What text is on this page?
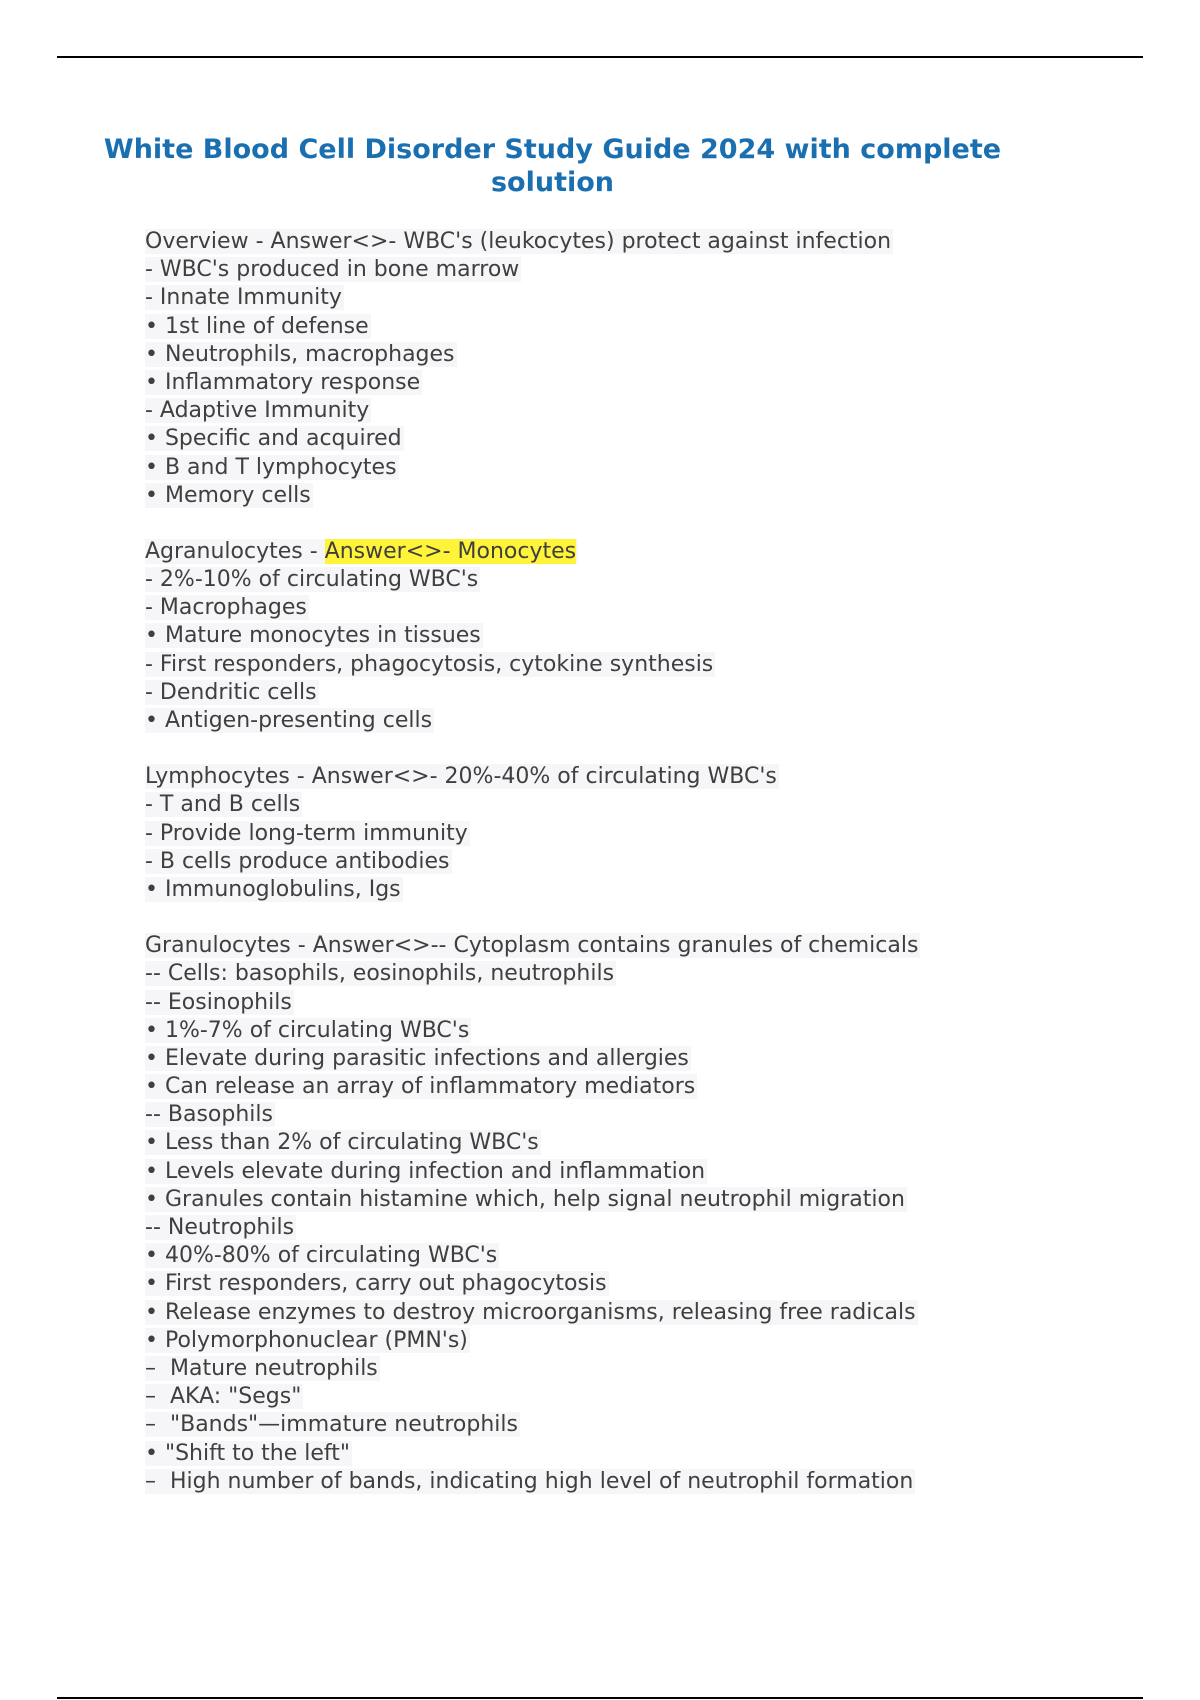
White Blood Cell Disorder Study Guide 2024 with complete
solution
Overview - Answer<>- WBC's (leukocytes) protect against infection
- WBC's produced in bone marrow
- Innate Immunity
• 1st line of defense
• Neutrophils, macrophages
• Inflammatory response
- Adaptive Immunity
• Specific and acquired
• B and T lymphocytes
• Memory cells
Agranulocytes - Answer<>- Monocytes
- 2%-10% of circulating WBC's
- Macrophages
• Mature monocytes in tissues
- First responders, phagocytosis, cytokine synthesis
- Dendritic cells
• Antigen-presenting cells
Lymphocytes - Answer<>- 20%-40% of circulating WBC's
- T and B cells
- Provide long-term immunity
- B cells produce antibodies
• Immunoglobulins, Igs
Granulocytes - Answer<>-- Cytoplasm contains granules of chemicals
-- Cells: basophils, eosinophils, neutrophils
-- Eosinophils
• 1%-7% of circulating WBC's
• Elevate during parasitic infections and allergies
• Can release an array of inflammatory mediators
-- Basophils
• Less than 2% of circulating WBC's
• Levels elevate during infection and inflammation
• Granules contain histamine which, help signal neutrophil migration
-- Neutrophils
• 40%-80% of circulating WBC's
• First responders, carry out phagocytosis
• Release enzymes to destroy microorganisms, releasing free radicals
• Polymorphonuclear (PMN's)
–  Mature neutrophils
–  AKA: "Segs"
–  "Bands"—immature neutrophils
• "Shift to the left"
–  High number of bands, indicating high level of neutrophil formation
